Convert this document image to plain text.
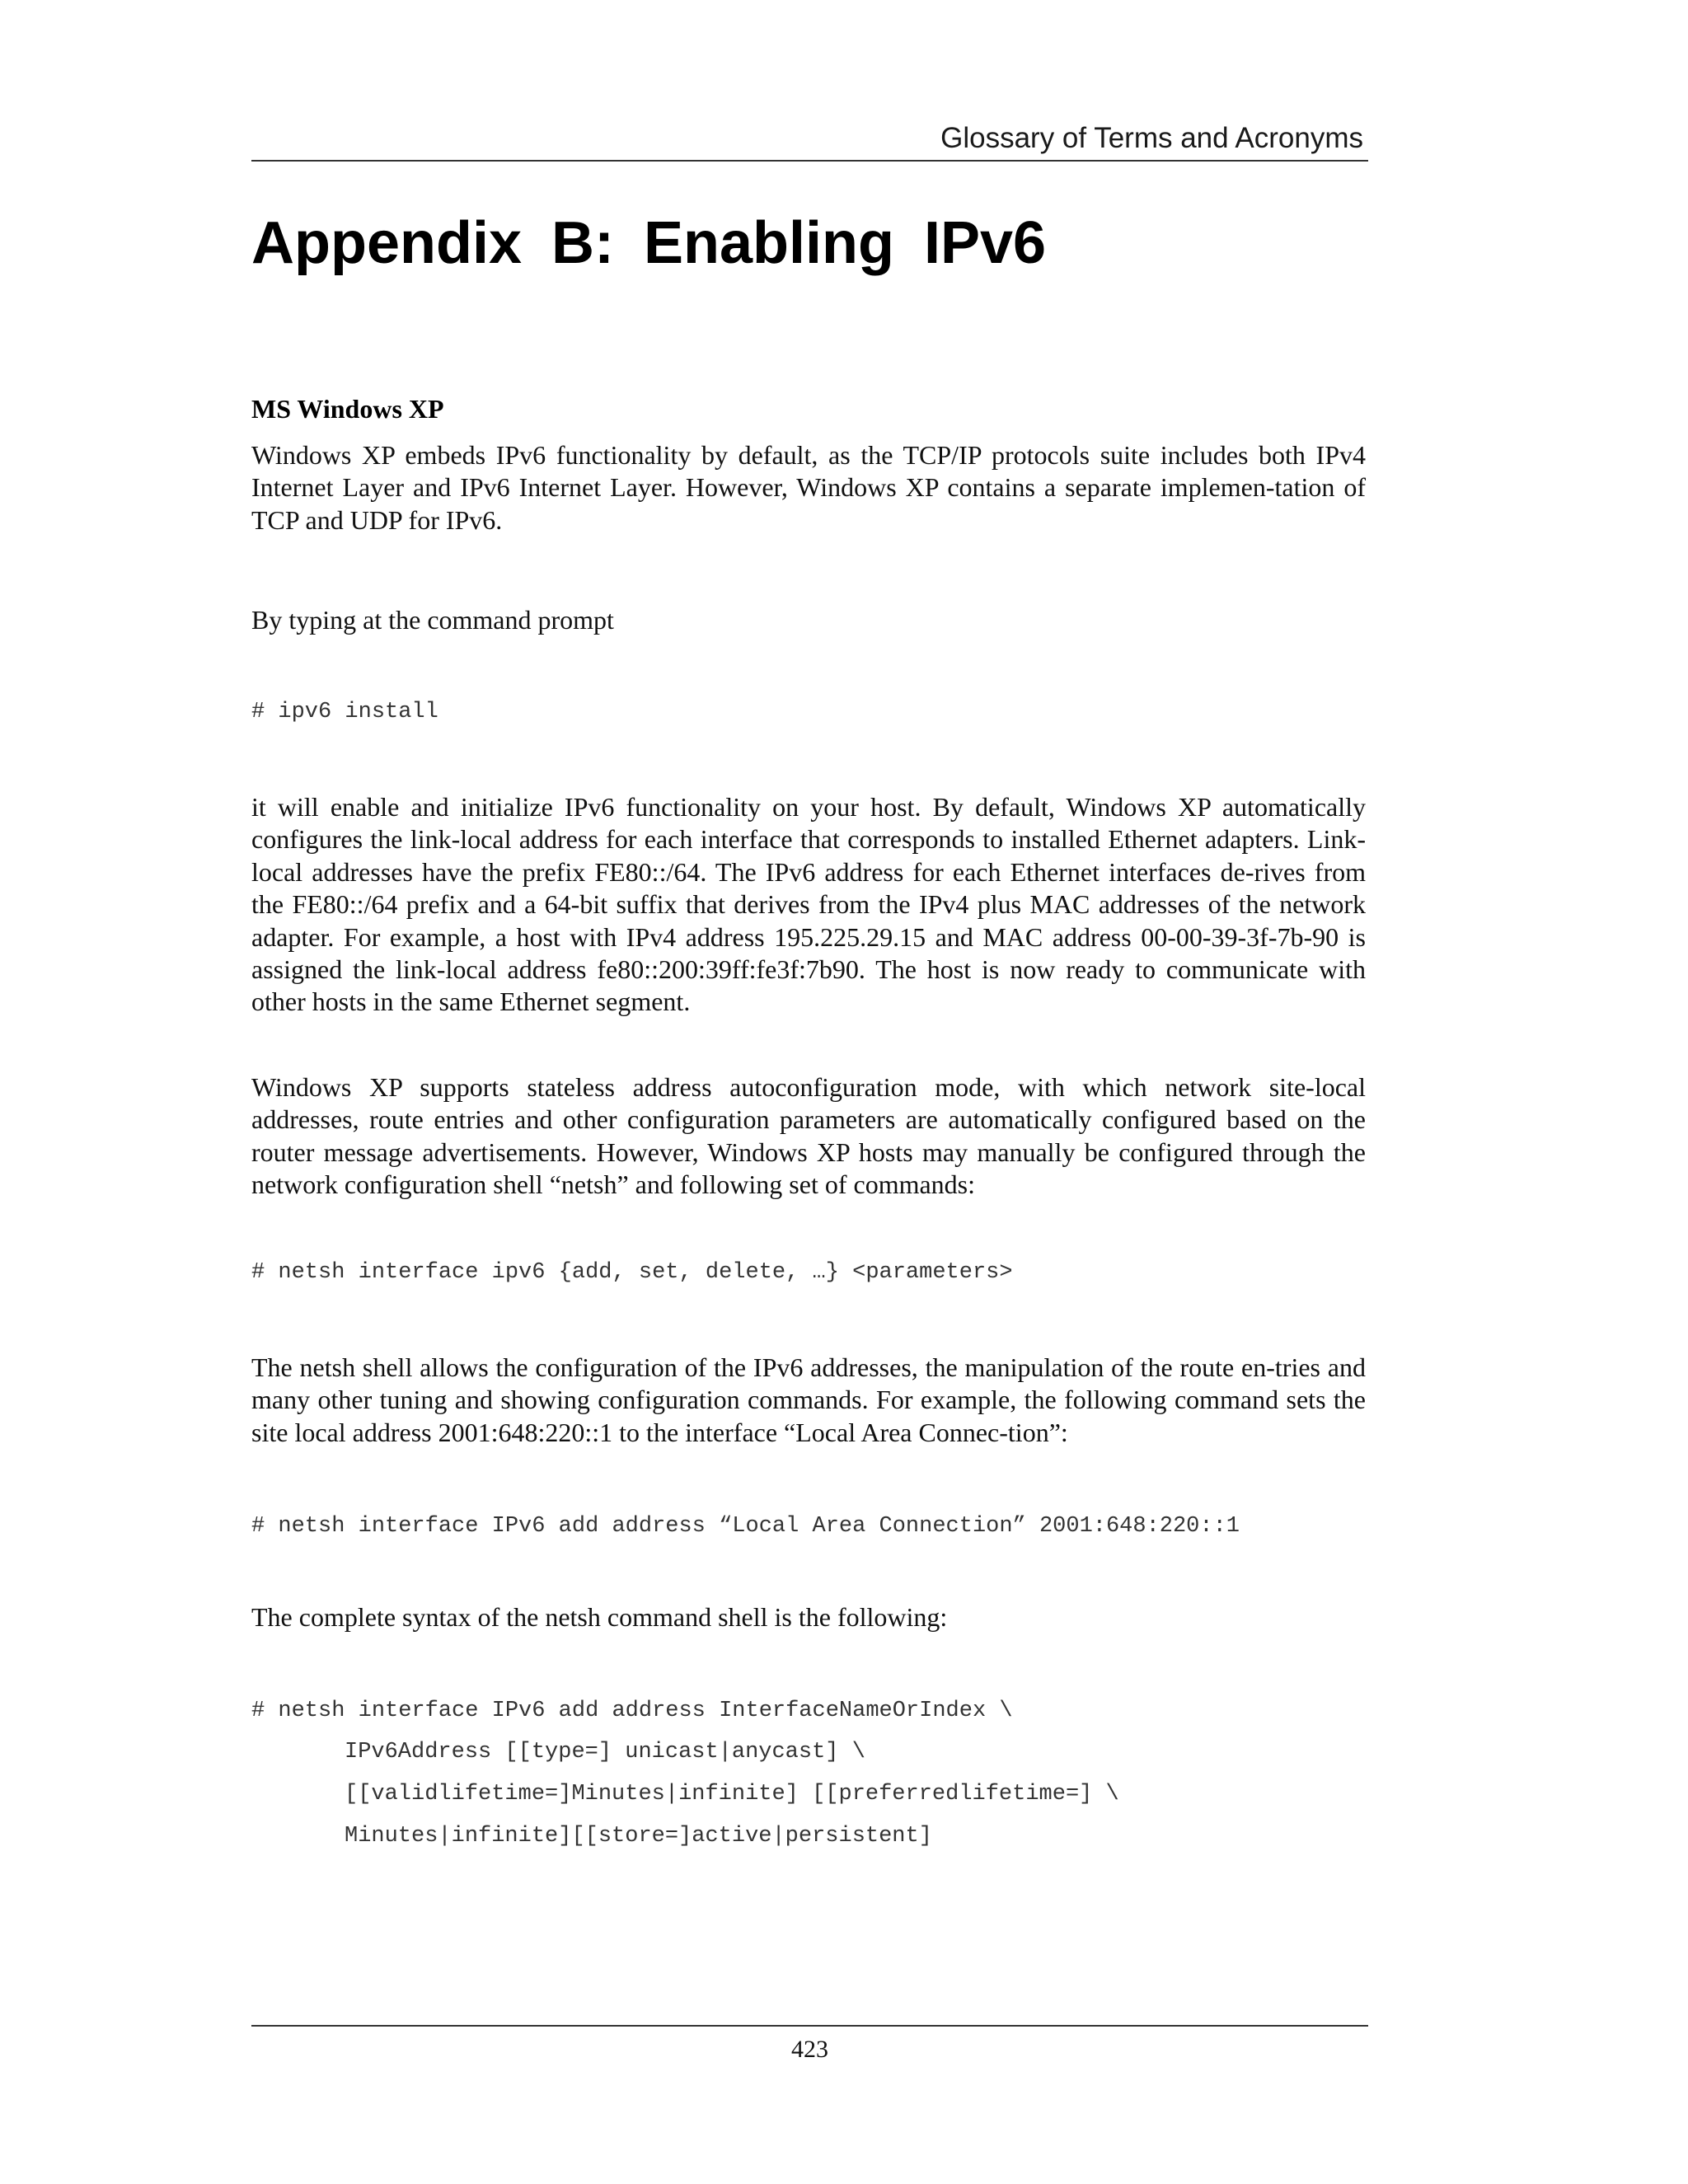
Glossary of Terms and Acronyms
Appendix B: Enabling IPv6
MS Windows XP

Windows XP embeds IPv6 functionality by default, as the TCP/IP protocols suite includes both IPv4 Internet Layer and IPv6 Internet Layer. However, Windows XP contains a separate implemen-tation of TCP and UDP for IPv6.

By typing at the command prompt

# ipv6 install

it will enable and initialize IPv6 functionality on your host. By default, Windows XP automatically configures the link-local address for each interface that corresponds to installed Ethernet adapters. Link-local addresses have the prefix FE80::/64. The IPv6 address for each Ethernet interfaces de-rives from the FE80::/64 prefix and a 64-bit suffix that derives from the IPv4 plus MAC addresses of the network adapter. For example, a host with IPv4 address 195.225.29.15 and MAC address 00-00-39-3f-7b-90 is assigned the link-local address fe80::200:39ff:fe3f:7b90. The host is now ready to communicate with other hosts in the same Ethernet segment.

Windows XP supports stateless address autoconfiguration mode, with which network site-local addresses, route entries and other configuration parameters are automatically configured based on the router message advertisements. However, Windows XP hosts may manually be configured through the network configuration shell “netsh” and following set of commands:

# netsh interface ipv6 {add, set, delete, …} <parameters>

The netsh shell allows the configuration of the IPv6 addresses, the manipulation of the route en-tries and many other tuning and showing configuration commands. For example, the following command sets the site local address 2001:648:220::1 to the interface “Local Area Connec-tion”:

# netsh interface IPv6 add address “Local Area Connection” 2001:648:220::1

The complete syntax of the netsh command shell is the following:

# netsh interface IPv6 add address InterfaceNameOrIndex \
IPv6Address [[type=] unicast|anycast] \
[[validlifetime=]Minutes|infinite] [[preferredlifetime=] \
Minutes|infinite][[store=]active|persistent]
423
